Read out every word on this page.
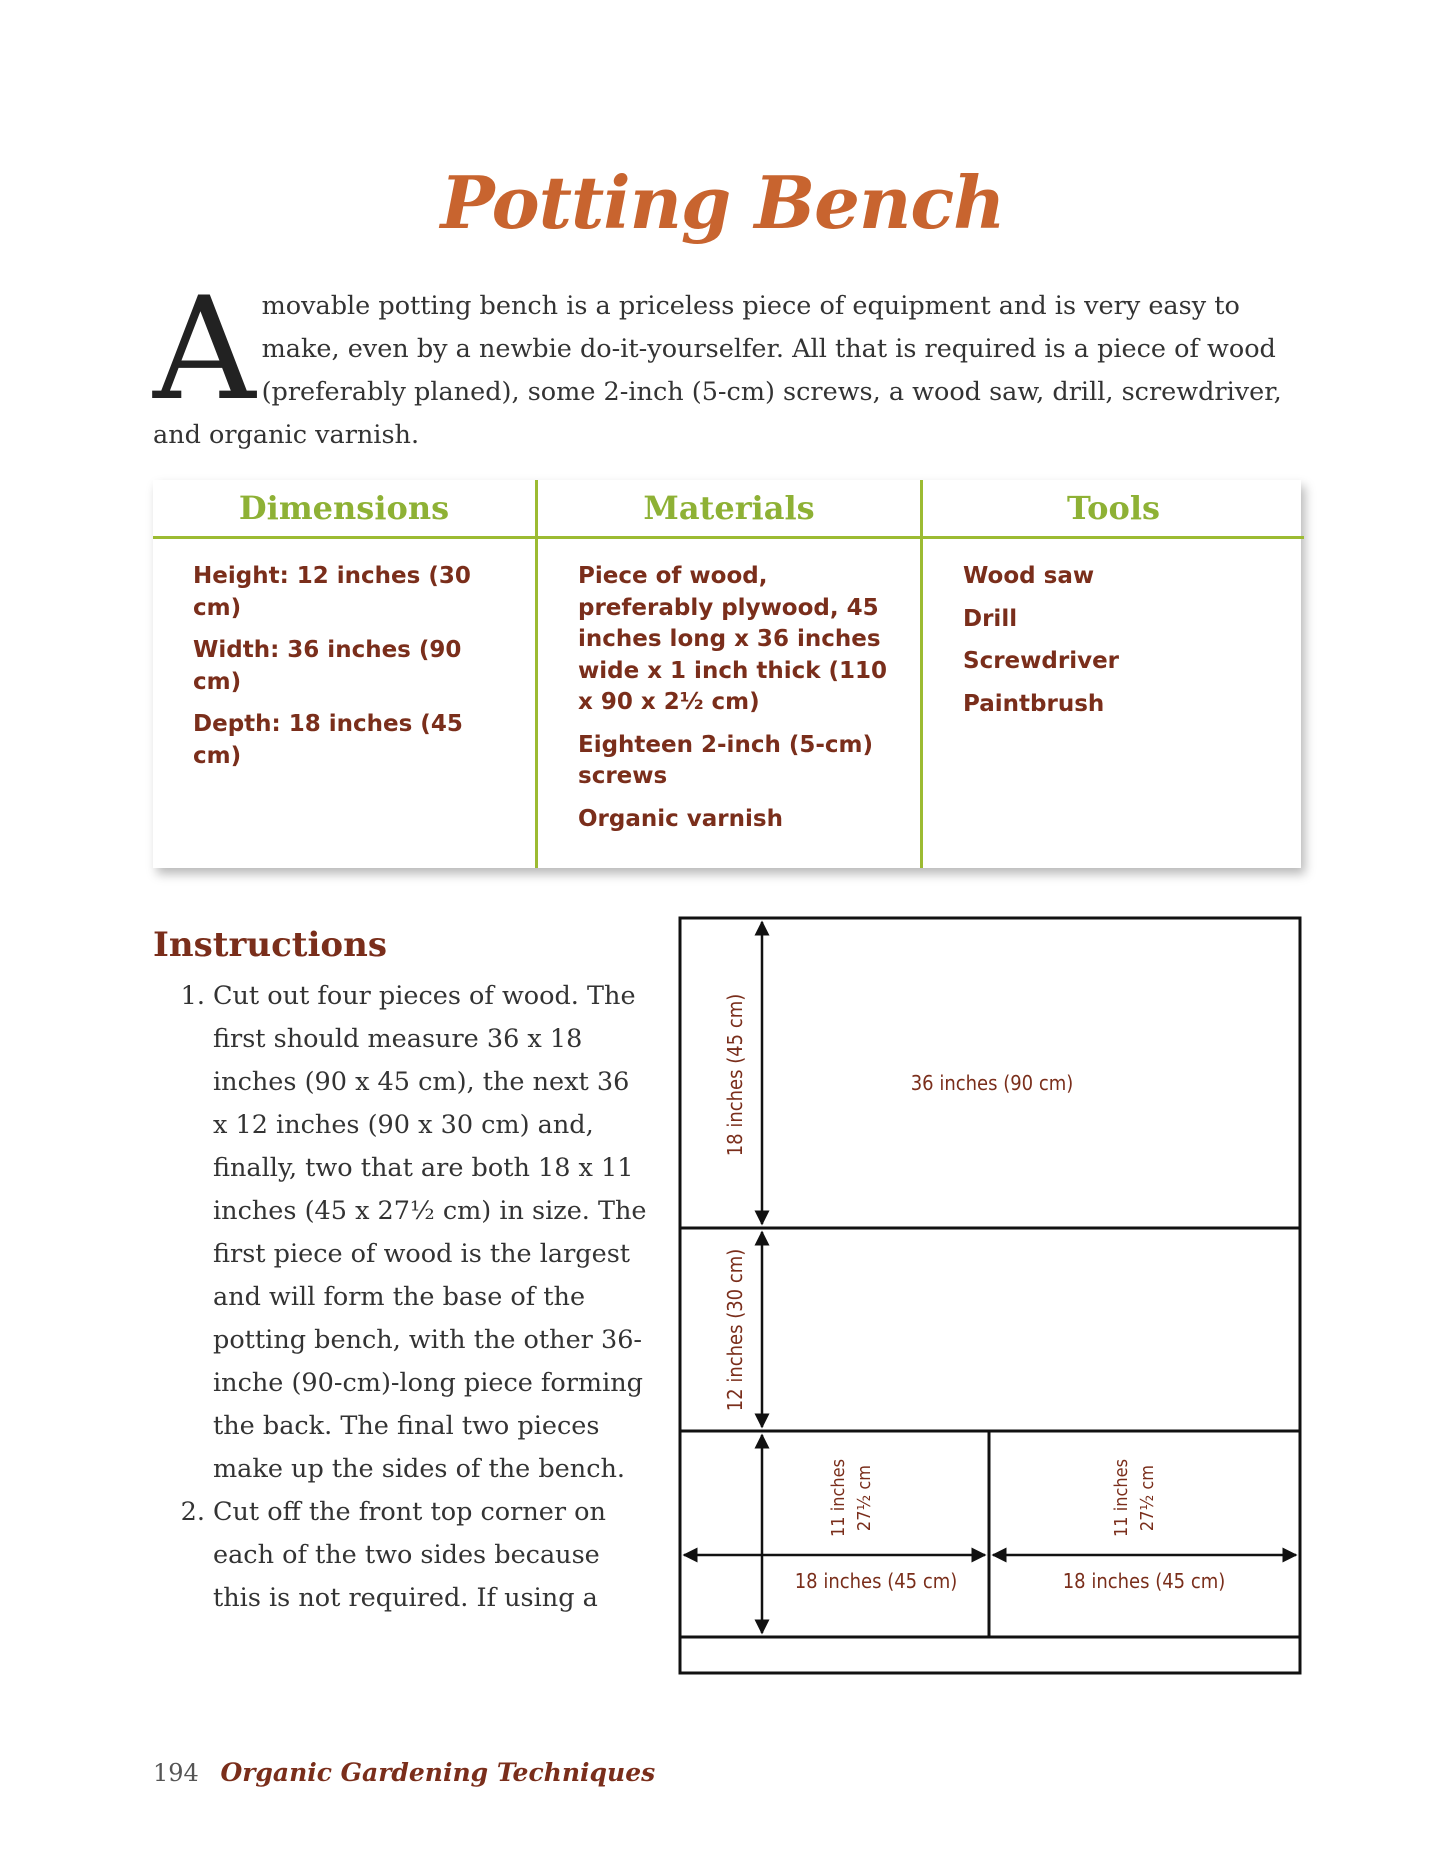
Potting Bench
Amovable potting bench is a priceless piece of equipment and is very easy to make, even by a newbie do-it-yourselfer. All that is required is a piece of wood (preferably planed), some 2-inch (5-cm) screws, a wood saw, drill, screwdriver, and organic varnish.
Dimensions
Height: 12 inches (30 cm)
Width: 36 inches (90 cm)
Depth: 18 inches (45 cm)
Materials
Piece of wood, preferably plywood, 45 inches long x 36 inches wide x 1 inch thick (110 x 90 x 2½ cm)
Eighteen 2-inch (5-cm) screws
Organic varnish
Tools
Wood saw
Drill
Screwdriver
Paintbrush
Instructions
1. Cut out four pieces of wood. The first should measure 36 x 18 inches (90 x 45 cm), the next 36 x 12 inches (90 x 30 cm) and, finally, two that are both 18 x 11 inches (45 x 27½ cm) in size. The first piece of wood is the largest and will form the base of the potting bench, with the other 36-inche (90-cm)-long piece forming the back. The final two pieces make up the sides of the bench.
2. Cut off the front top corner on each of the two sides because this is not required. If using a
18 inches (45 cm)	36 inches (90 cm)
12 inches (30 cm)
11 inches 27½ cm	11 inches 27½ cm
18 inches (45 cm)	18 inches (45 cm)
194 Organic Gardening Techniques
